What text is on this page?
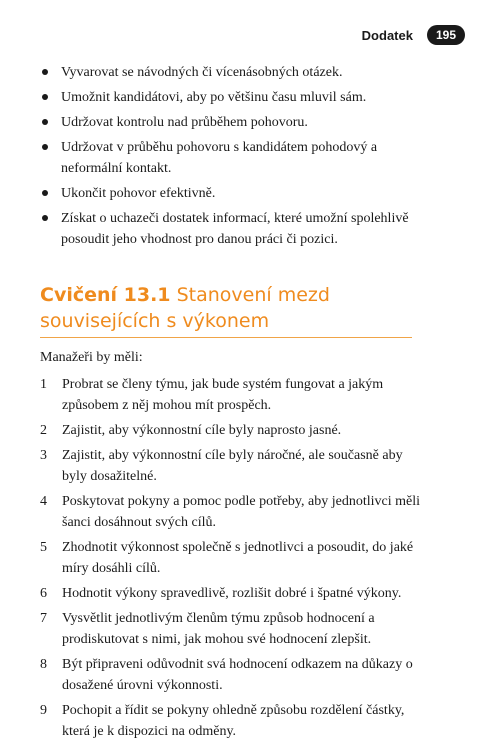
Dodatek	195
Vyvarovat se návodných či vícenásobných otázek.
Umožnit kandidátovi, aby po většinu času mluvil sám.
Udržovat kontrolu nad průběhem pohovoru.
Udržovat v průběhu pohovoru s kandidátem pohodový a neformální kontakt.
Ukončit pohovor efektivně.
Získat o uchazeči dostatek informací, které umožní spolehlivě posoudit jeho vhodnost pro danou práci či pozici.
Cvičení 13.1 Stanovení mezd souvisejících s výkonem
Manažeři by měli:
1	Probrat se členy týmu, jak bude systém fungovat a jakým způsobem z něj mohou mít prospěch.
2	Zajistit, aby výkonnostní cíle byly naprosto jasné.
3	Zajistit, aby výkonnostní cíle byly náročné, ale současně aby byly dosažitelné.
4	Poskytovat pokyny a pomoc podle potřeby, aby jednotlivci měli šanci dosáhnout svých cílů.
5	Zhodnotit výkonnost společně s jednotlivci a posoudit, do jaké míry dosáhli cílů.
6	Hodnotit výkony spravedlivě, rozlišit dobré i špatné výkony.
7	Vysvětlit jednotlivým členům týmu způsob hodnocení a prodiskutovat s nimi, jak mohou své hodnocení zlepšit.
8	Být připraveni odůvodnit svá hodnocení odkazem na důkazy o dosažené úrovni výkonnosti.
9	Pochopit a řídit se pokyny ohledně způsobu rozdělení částky, která je k dispozici na odměny.
